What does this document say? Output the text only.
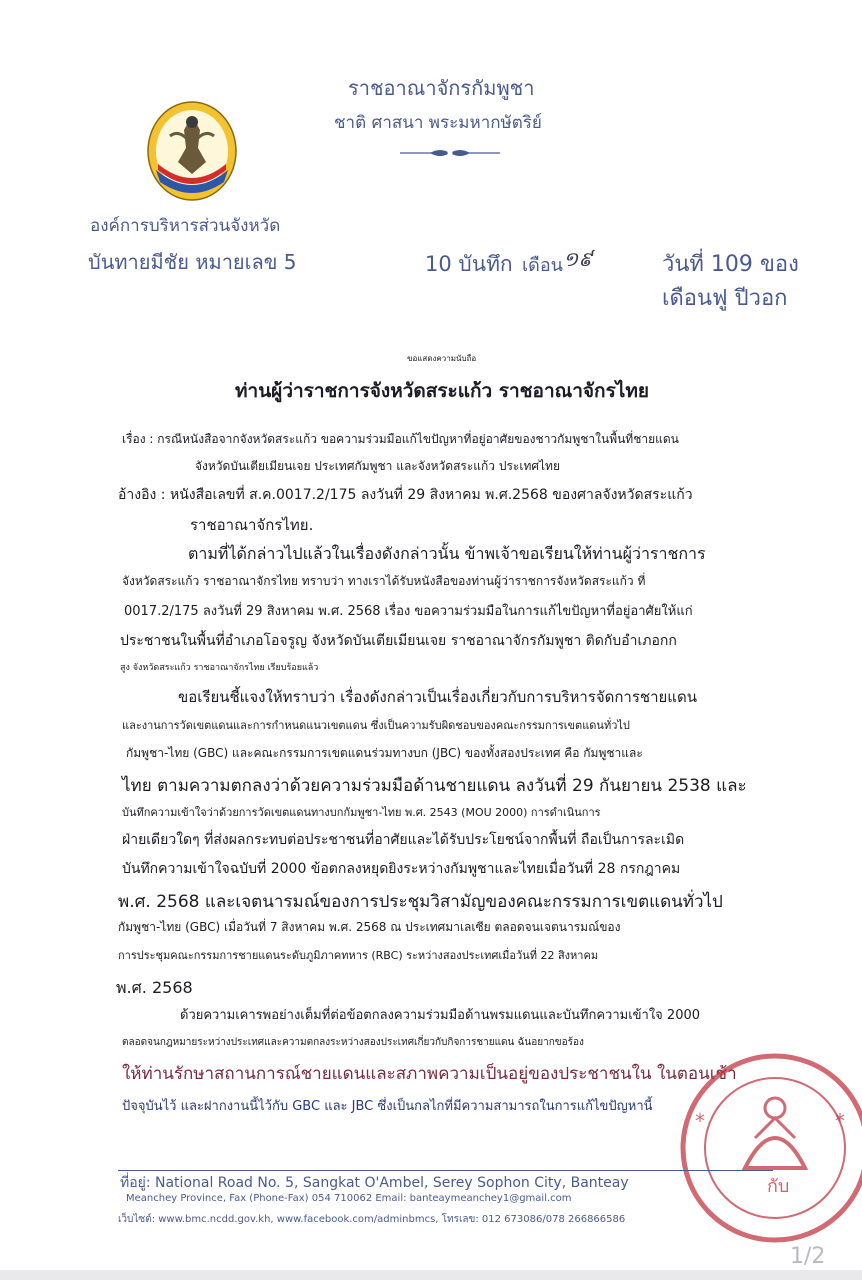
ราชอาณาจักรกัมพูชา
ชาติ ศาสนา พระมหากษัตริย์
องค์การบริหารส่วนจังหวัด
บันทายมีชัย หมายเลข 5	10 บันทึก เดือน ១៩	วันที่ 109 ของ
เดือนฟู ปีวอก
ขอแสดงความนับถือ
ท่านผู้ว่าราชการจังหวัดสระแก้ว ราชอาณาจักรไทย
เรื่อง : กรณีหนังสือจากจังหวัดสระแก้ว ขอความร่วมมือแก้ไขปัญหาที่อยู่อาศัยของชาวกัมพูชาในพื้นที่ชายแดน
จังหวัดบันเตียเมียนเจย ประเทศกัมพูชา และจังหวัดสระแก้ว ประเทศไทย
อ้างอิง : หนังสือเลขที่ ส.ค.0017.2/175 ลงวันที่ 29 สิงหาคม พ.ศ.2568 ของศาลจังหวัดสระแก้ว
ราชอาณาจักรไทย.
ตามที่ได้กล่าวไปแล้วในเรื่องดังกล่าวนั้น ข้าพเจ้าขอเรียนให้ท่านผู้ว่าราชการ
จังหวัดสระแก้ว ราชอาณาจักรไทย ทราบว่า ทางเราได้รับหนังสือของท่านผู้ว่าราชการจังหวัดสระแก้ว ที่
0017.2/175 ลงวันที่ 29 สิงหาคม พ.ศ. 2568 เรื่อง ขอความร่วมมือในการแก้ไขปัญหาที่อยู่อาศัยให้แก่
ประชาชนในพื้นที่อำเภอโอจรูญ จังหวัดบันเตียเมียนเจย ราชอาณาจักรกัมพูชา ติดกับอำเภอกก
สูง จังหวัดสระแก้ว ราชอาณาจักรไทย เรียบร้อยแล้ว
ขอเรียนชี้แจงให้ทราบว่า เรื่องดังกล่าวเป็นเรื่องเกี่ยวกับการบริหารจัดการชายแดน
และงานการวัดเขตแดนและการกำหนดแนวเขตแดน ซึ่งเป็นความรับผิดชอบของคณะกรรมการเขตแดนทั่วไป
กัมพูชา-ไทย (GBC) และคณะกรรมการเขตแดนร่วมทางบก (JBC) ของทั้งสองประเทศ คือ กัมพูชาและ
ไทย ตามความตกลงว่าด้วยความร่วมมือด้านชายแดน ลงวันที่ 29 กันยายน 2538 และ
บันทึกความเข้าใจว่าด้วยการวัดเขตแดนทางบกกัมพูชา-ไทย พ.ศ. 2543 (MOU 2000) การดำเนินการ
ฝ่ายเดียวใดๆ ที่ส่งผลกระทบต่อประชาชนที่อาศัยและได้รับประโยชน์จากพื้นที่ ถือเป็นการละเมิด
บันทึกความเข้าใจฉบับที่ 2000 ข้อตกลงหยุดยิงระหว่างกัมพูชาและไทยเมื่อวันที่ 28 กรกฎาคม
พ.ศ. 2568 และเจตนารมณ์ของการประชุมวิสามัญของคณะกรรมการเขตแดนทั่วไป
กัมพูชา-ไทย (GBC) เมื่อวันที่ 7 สิงหาคม พ.ศ. 2568 ณ ประเทศมาเลเซีย ตลอดจนเจตนารมณ์ของ
การประชุมคณะกรรมการชายแดนระดับภูมิภาคทหาร (RBC) ระหว่างสองประเทศเมื่อวันที่ 22 สิงหาคม
พ.ศ. 2568
ด้วยความเคารพอย่างเต็มที่ต่อข้อตกลงความร่วมมือด้านพรมแดนและบันทึกความเข้าใจ 2000
ตลอดจนกฎหมายระหว่างประเทศและความตกลงระหว่างสองประเทศเกี่ยวกับกิจการชายแดน ฉันอยากขอร้อง
ให้ท่านรักษาสถานการณ์ชายแดนและสภาพความเป็นอยู่ของประชาชนใน ในตอนเช้า
ปัจจุบันไว้ และฝากงานนี้ไว้กับ GBC และ JBC ซึ่งเป็นกลไกที่มีความสามารถในการแก้ไขปัญหานี้
*	*
กับ
ที่อยู่: National Road No. 5, Sangkat O'Ambel, Serey Sophon City, Banteay
Meanchey Province, Fax (Phone-Fax) 054 710062 Email: banteaymeanchey1@gmail.com
เว็บไซต์: www.bmc.ncdd.gov.kh, www.facebook.com/adminbmcs, โทรเลข: 012 673086/078 266866586
1/2
